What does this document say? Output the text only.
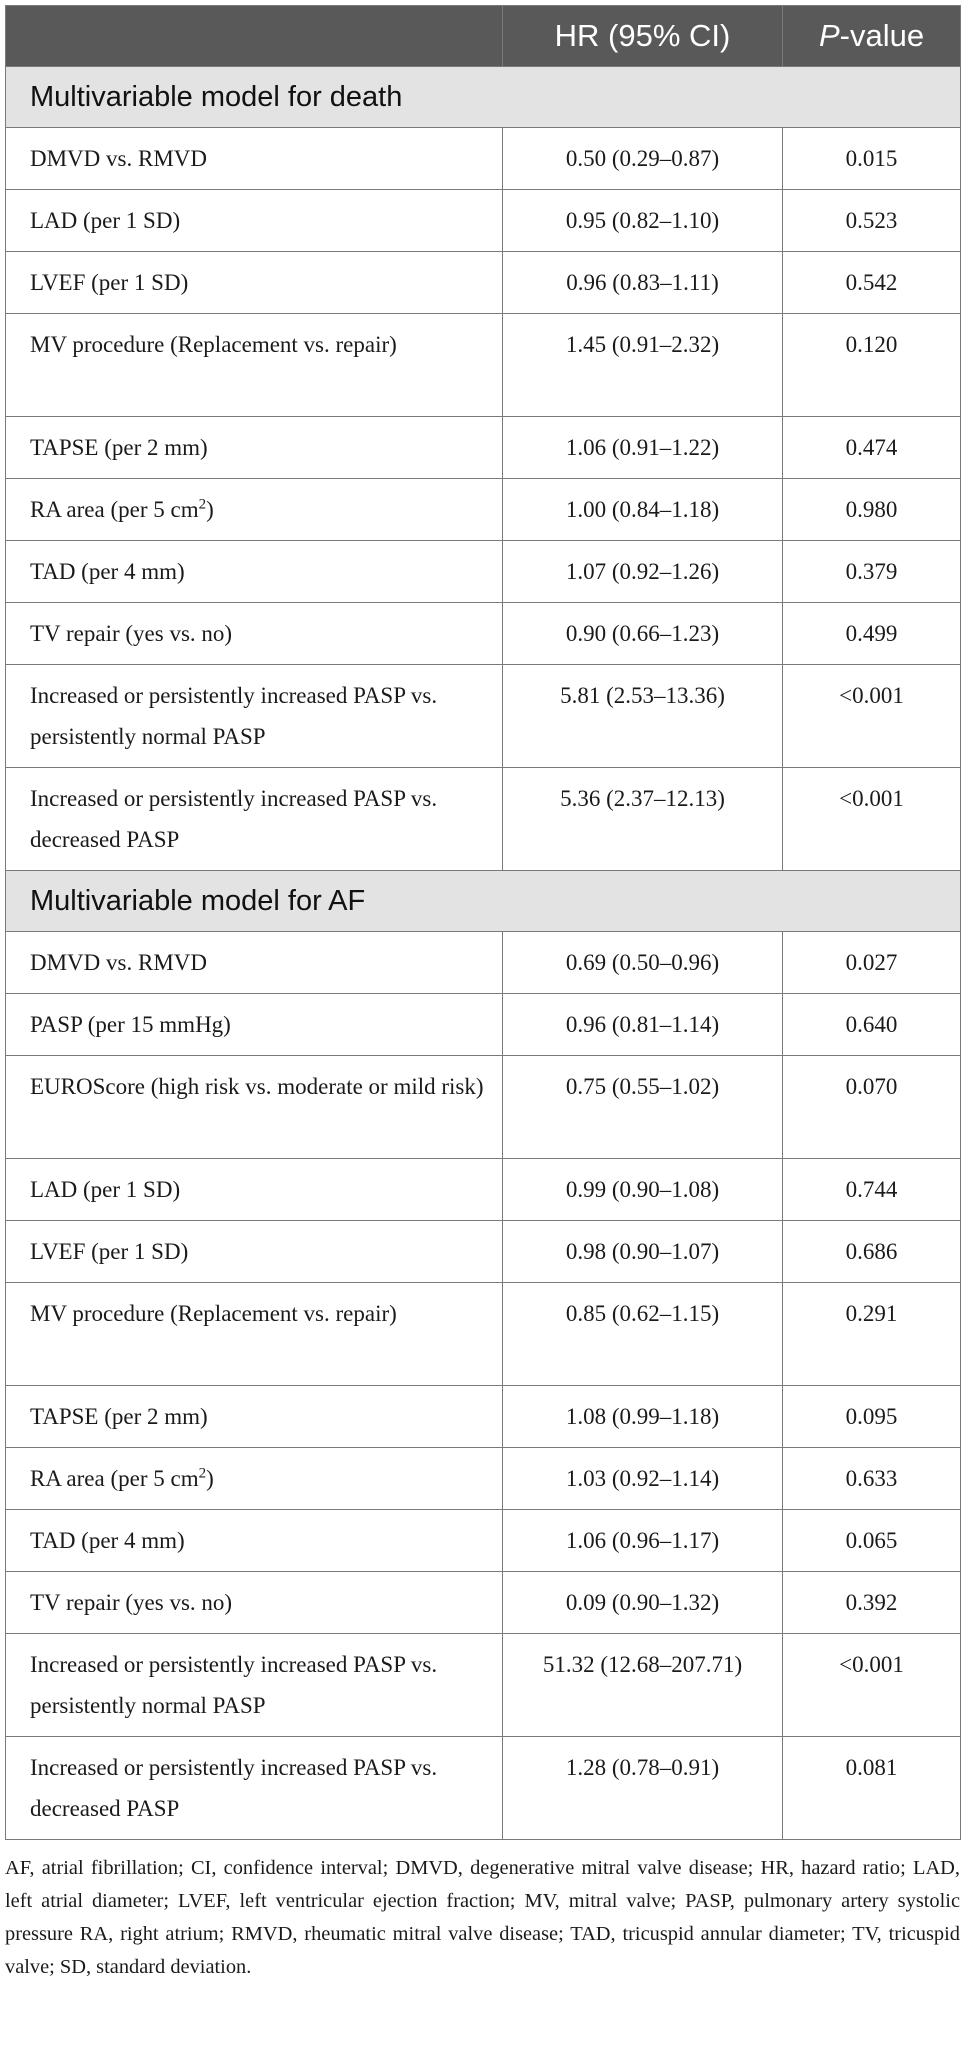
	HR (95% CI)	P-value
Multivariable model for death		
DMVD vs. RMVD	0.50 (0.29–0.87)	0.015
LAD (per 1 SD)	0.95 (0.82–1.10)	0.523
LVEF (per 1 SD)	0.96 (0.83–1.11)	0.542
MV procedure (Replacement vs. repair)	1.45 (0.91–2.32)	0.120
TAPSE (per 2 mm)	1.06 (0.91–1.22)	0.474
RA area (per 5 $cm^2$)	1.00 (0.84–1.18)	0.980
TAD (per 4 mm)	1.07 (0.92–1.26)	0.379
TV repair (yes vs. no)	0.90 (0.66–1.23)	0.499
Increased or persistently increased PASP vs. persistently normal PASP	5.81 (2.53–13.36)	<0.001
Increased or persistently increased PASP vs. decreased PASP	5.36 (2.37–12.13)	<0.001
Multivariable model for AF		
DMVD vs. RMVD	0.69 (0.50–0.96)	0.027
PASP (per 15 mmHg)	0.96 (0.81–1.14)	0.640
EUROScore (high risk vs. moderate or mild risk)	0.75 (0.55–1.02)	0.070
LAD (per 1 SD)	0.99 (0.90–1.08)	0.744
LVEF (per 1 SD)	0.98 (0.90–1.07)	0.686
MV procedure (Replacement vs. repair)	0.85 (0.62–1.15)	0.291
TAPSE (per 2 mm)	1.08 (0.99–1.18)	0.095
RA area (per 5 $cm^2$)	1.03 (0.92–1.14)	0.633
TAD (per 4 mm)	1.06 (0.96–1.17)	0.065
TV repair (yes vs. no)	0.09 (0.90–1.32)	0.392
Increased or persistently increased PASP vs. persistently normal PASP	51.32 (12.68–207.71)	<0.001
Increased or persistently increased PASP vs. decreased PASP	1.28 (0.78–0.91)	0.081
AF, atrial fibrillation; CI, confidence interval; DMVD, degenerative mitral valve disease; HR, hazard ratio; LAD, left atrial diameter; LVEF, left ventricular ejection fraction; MV, mitral valve; PASP, pulmonary artery systolic pressure RA, right atrium; RMVD, rheumatic mitral valve disease; TAD, tricuspid annular diameter; TV, tricuspid valve; SD, standard deviation.
